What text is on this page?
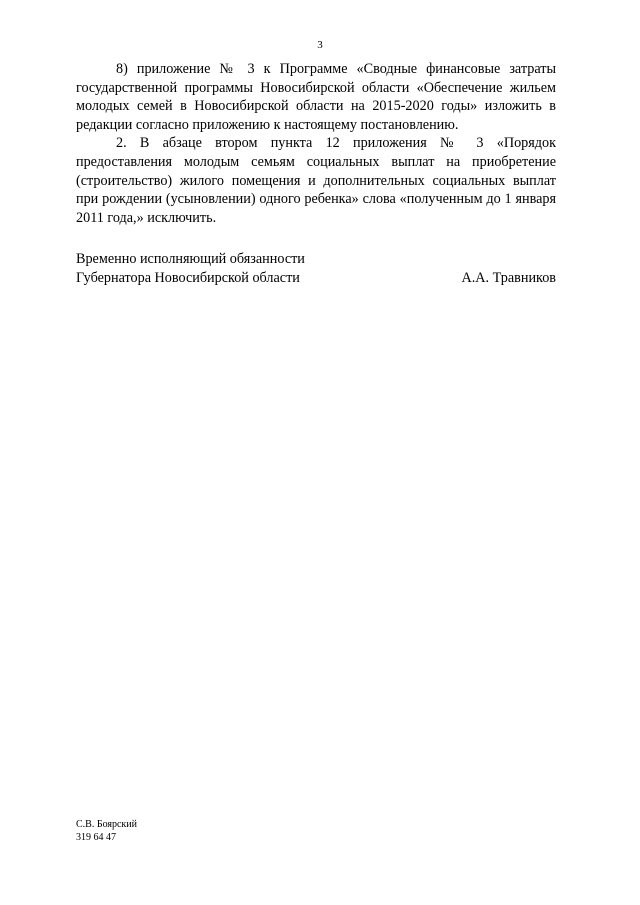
3

8) приложение № 3 к Программе «Сводные финансовые затраты государственной программы Новосибирской области «Обеспечение жильем молодых семей в Новосибирской области на 2015-2020 годы» изложить в редакции согласно приложению к настоящему постановлению.

2. В абзаце втором пункта 12 приложения № 3 «Порядок предоставления молодым семьям социальных выплат на приобретение (строительство) жилого помещения и дополнительных социальных выплат при рождении (усыновлении) одного ребенка» слова «полученным до 1 января 2011 года,» исключить.

Временно исполняющий обязанности
Губернатора Новосибирской области	А.А. Травников
С.В. Боярский
319 64 47
